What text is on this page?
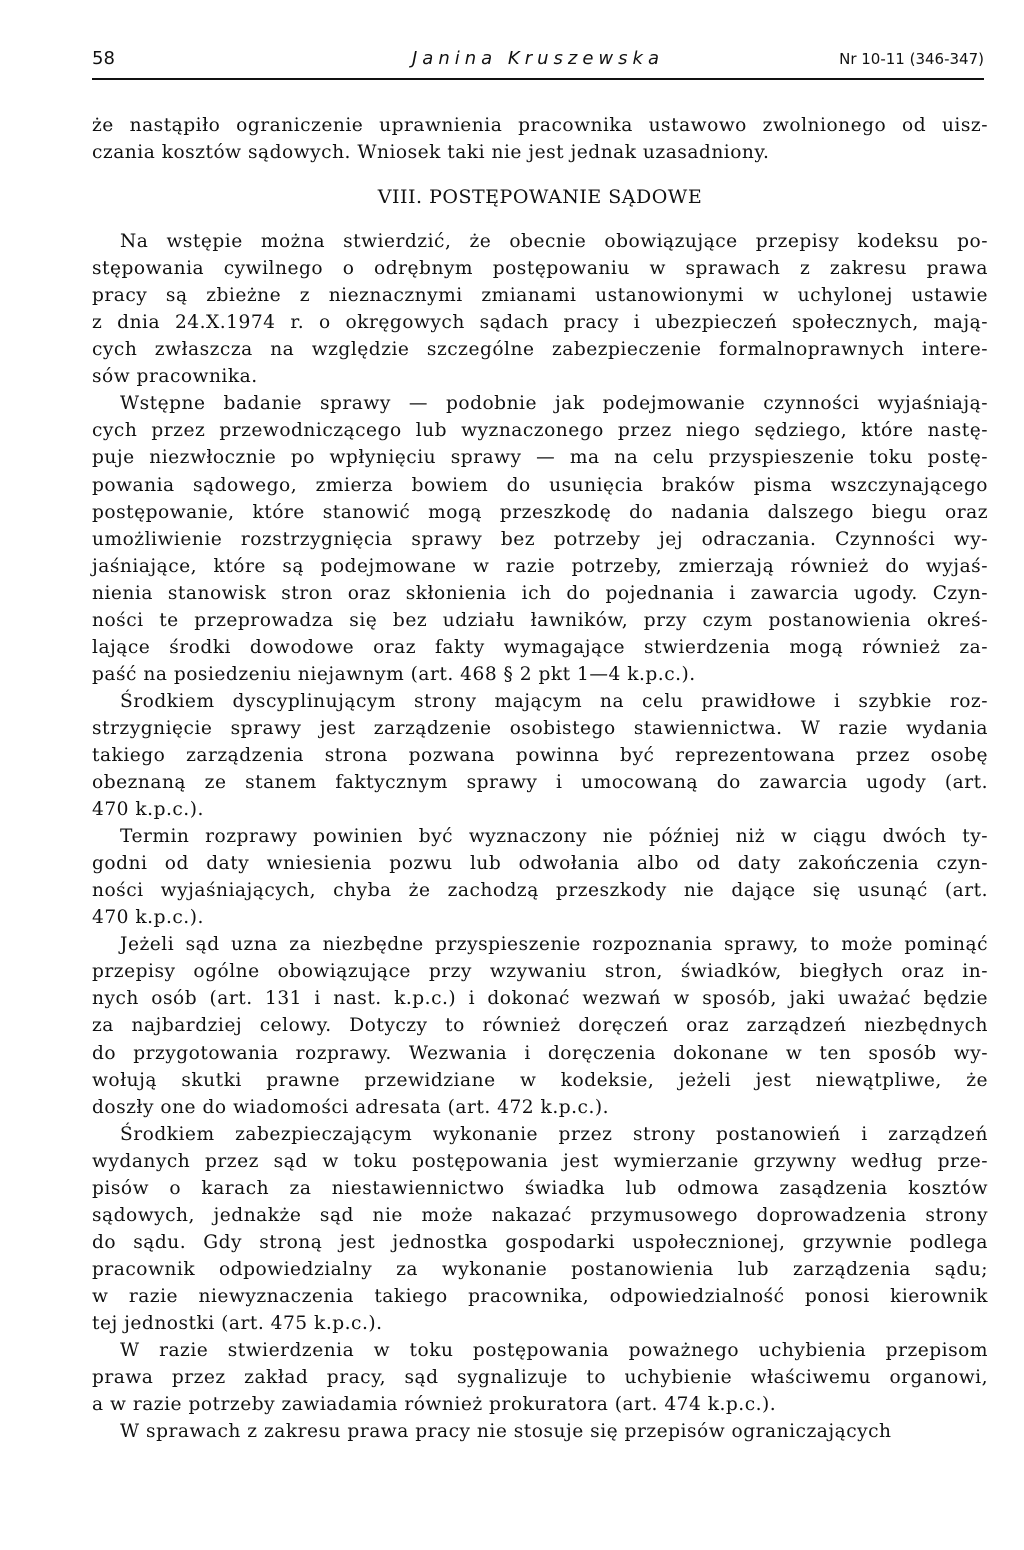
58	Janina Kruszewska	Nr 10-11 (346-347)
że nastąpiło ograniczenie uprawnienia pracownika ustawowo zwolnionego od uisz-
czania kosztów sądowych. Wniosek taki nie jest jednak uzasadniony.
VIII. POSTĘPOWANIE SĄDOWE
Na wstępie można stwierdzić, że obecnie obowiązujące przepisy kodeksu po-
stępowania cywilnego o odrębnym postępowaniu w sprawach z zakresu prawa
pracy są zbieżne z nieznacznymi zmianami ustanowionymi w uchylonej ustawie
z dnia 24.X.1974 r. o okręgowych sądach pracy i ubezpieczeń społecznych, mają-
cych zwłaszcza na względzie szczególne zabezpieczenie formalnoprawnych intere-
sów pracownika.
Wstępne badanie sprawy — podobnie jak podejmowanie czynności wyjaśniają-
cych przez przewodniczącego lub wyznaczonego przez niego sędziego, które nastę-
puje niezwłocznie po wpłynięciu sprawy — ma na celu przyspieszenie toku postę-
powania sądowego, zmierza bowiem do usunięcia braków pisma wszczynającego
postępowanie, które stanowić mogą przeszkodę do nadania dalszego biegu oraz
umożliwienie rozstrzygnięcia sprawy bez potrzeby jej odraczania. Czynności wy-
jaśniające, które są podejmowane w razie potrzeby, zmierzają również do wyjaś-
nienia stanowisk stron oraz skłonienia ich do pojednania i zawarcia ugody. Czyn-
ności te przeprowadza się bez udziału ławników, przy czym postanowienia okreś-
lające środki dowodowe oraz fakty wymagające stwierdzenia mogą również za-
paść na posiedzeniu niejawnym (art. 468 § 2 pkt 1—4 k.p.c.).
Środkiem dyscyplinującym strony mającym na celu prawidłowe i szybkie roz-
strzygnięcie sprawy jest zarządzenie osobistego stawiennictwa. W razie wydania
takiego zarządzenia strona pozwana powinna być reprezentowana przez osobę
obeznaną ze stanem faktycznym sprawy i umocowaną do zawarcia ugody (art.
470 k.p.c.).
Termin rozprawy powinien być wyznaczony nie później niż w ciągu dwóch ty-
godni od daty wniesienia pozwu lub odwołania albo od daty zakończenia czyn-
ności wyjaśniających, chyba że zachodzą przeszkody nie dające się usunąć (art.
470 k.p.c.).
Jeżeli sąd uzna za niezbędne przyspieszenie rozpoznania sprawy, to może pominąć
przepisy ogólne obowiązujące przy wzywaniu stron, świadków, biegłych oraz in-
nych osób (art. 131 i nast. k.p.c.) i dokonać wezwań w sposób, jaki uważać będzie
za najbardziej celowy. Dotyczy to również doręczeń oraz zarządzeń niezbędnych
do przygotowania rozprawy. Wezwania i doręczenia dokonane w ten sposób wy-
wołują skutki prawne przewidziane w kodeksie, jeżeli jest niewątpliwe, że
doszły one do wiadomości adresata (art. 472 k.p.c.).
Środkiem zabezpieczającym wykonanie przez strony postanowień i zarządzeń
wydanych przez sąd w toku postępowania jest wymierzanie grzywny według prze-
pisów o karach za niestawiennictwo świadka lub odmowa zasądzenia kosztów
sądowych, jednakże sąd nie może nakazać przymusowego doprowadzenia strony
do sądu. Gdy stroną jest jednostka gospodarki uspołecznionej, grzywnie podlega
pracownik odpowiedzialny za wykonanie postanowienia lub zarządzenia sądu;
w razie niewyznaczenia takiego pracownika, odpowiedzialność ponosi kierownik
tej jednostki (art. 475 k.p.c.).
W razie stwierdzenia w toku postępowania poważnego uchybienia przepisom
prawa przez zakład pracy, sąd sygnalizuje to uchybienie właściwemu organowi,
a w razie potrzeby zawiadamia również prokuratora (art. 474 k.p.c.).
W sprawach z zakresu prawa pracy nie stosuje się przepisów ograniczających
